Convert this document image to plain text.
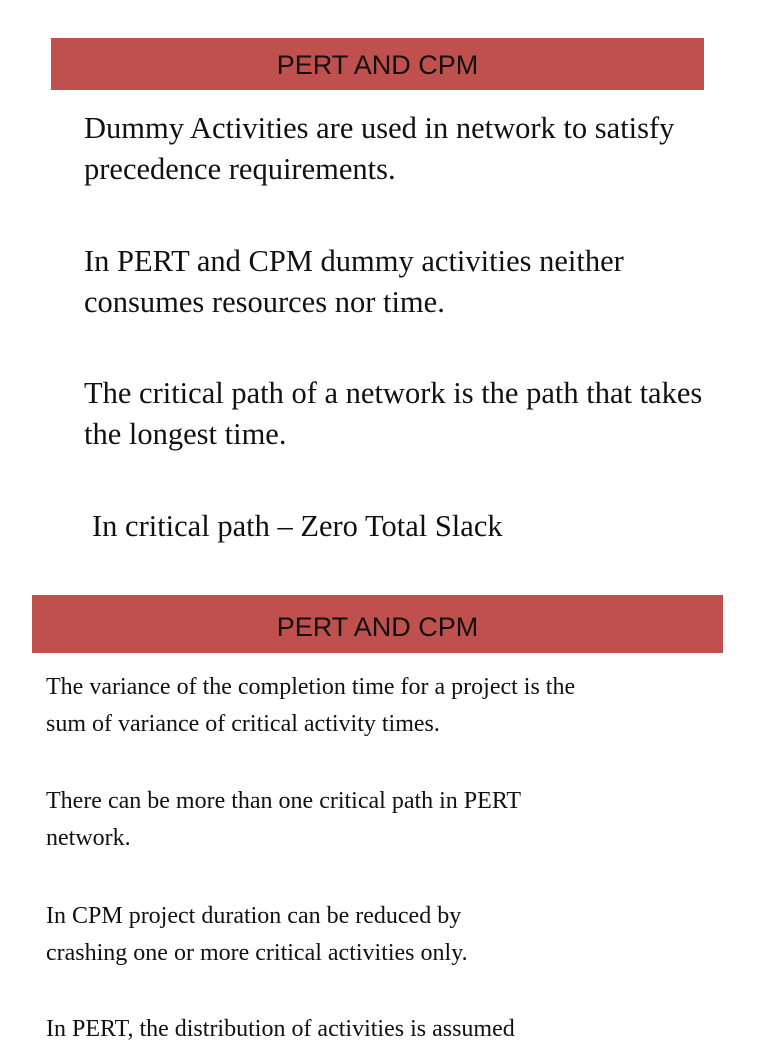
PERT AND CPM

Dummy Activities are used in network to satisfy precedence requirements.

In PERT and CPM dummy activities neither consumes resources nor time.

The critical path of a network is the path that takes the longest time.

In critical path – Zero Total Slack

PERT AND CPM

The variance of the completion time for a project is the sum of variance of critical activity times.

There can be more than one critical path in PERT network.

In CPM project duration can be reduced by crashing one or more critical activities only.

In PERT, the distribution of activities is assumed
